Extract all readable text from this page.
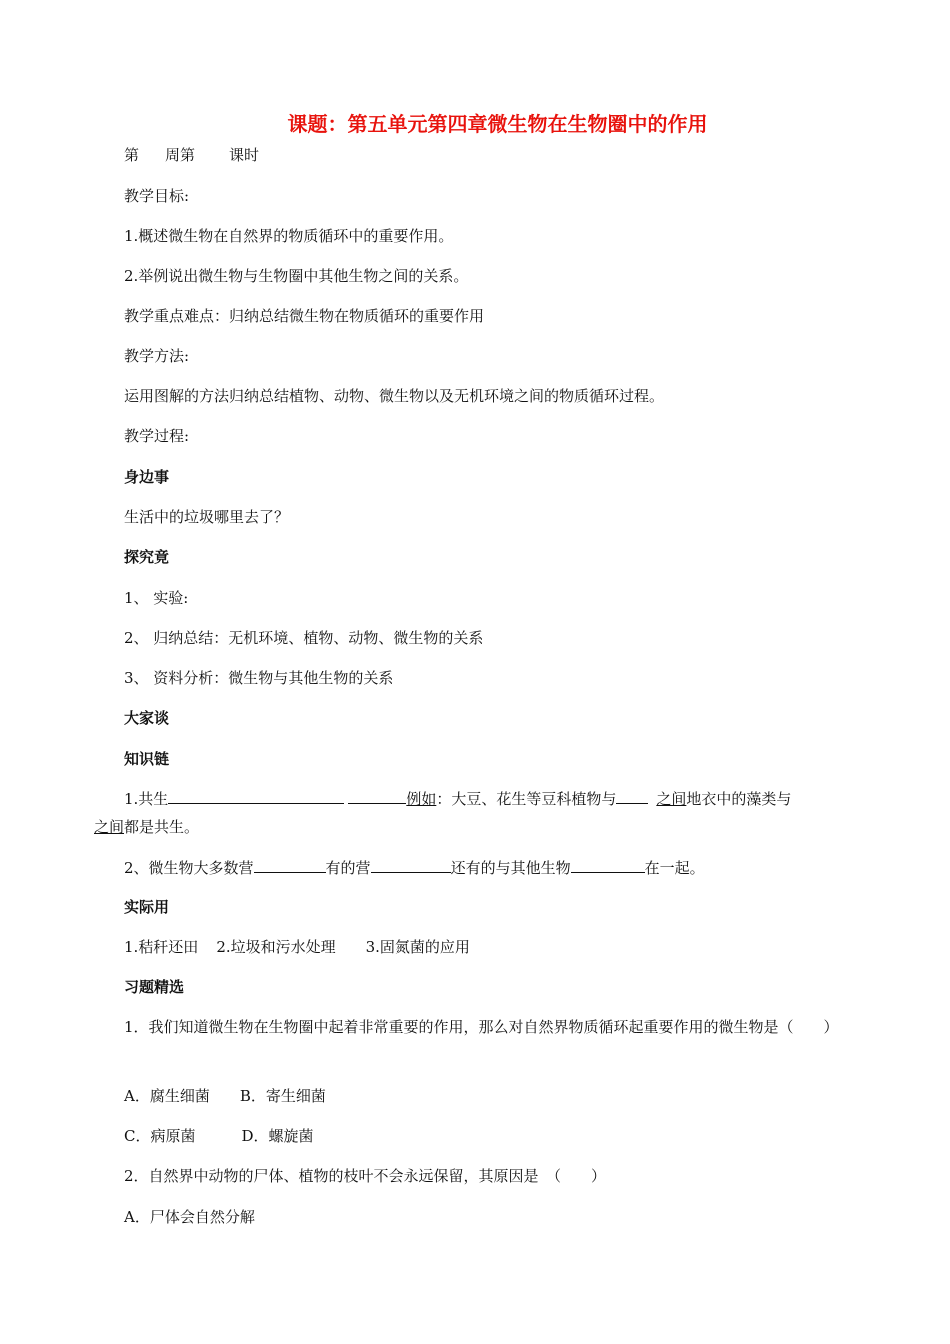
课题：第五单元第四章微生物在生物圈中的作用
第 周第 课时
教学目标:
1.概述微生物在自然界的物质循环中的重要作用。
2.举例说出微生物与生物圈中其他生物之间的关系。
教学重点难点：归纳总结微生物在物质循环的重要作用
教学方法:
运用图解的方法归纳总结植物、动物、微生物以及无机环境之间的物质循环过程。
教学过程:
身边事
生活中的垃圾哪里去了？
探究竟
1、 实验:
2、 归纳总结：无机环境、植物、动物、微生物的关系
3、 资料分析：微生物与其他生物的关系
大家谈
知识链
1.共生	例如：大豆、花生等豆科植物与	之间地衣中的藻类与
之间都是共生。
2、微生物大多数营	有的营	还有的与其他生物	在一起。
实际用
1.秸秆还田 2.垃圾和污水处理 3.固氮菌的应用
习题精选
1．我们知道微生物在生物圈中起着非常重要的作用，那么对自然界物质循环起重要作用的微生物是（　　）
A．腐生细菌 B．寄生细菌
C．病原菌	D．螺旋菌
2．自然界中动物的尸体、植物的枝叶不会永远保留，其原因是　（　　）
A．尸体会自然分解
